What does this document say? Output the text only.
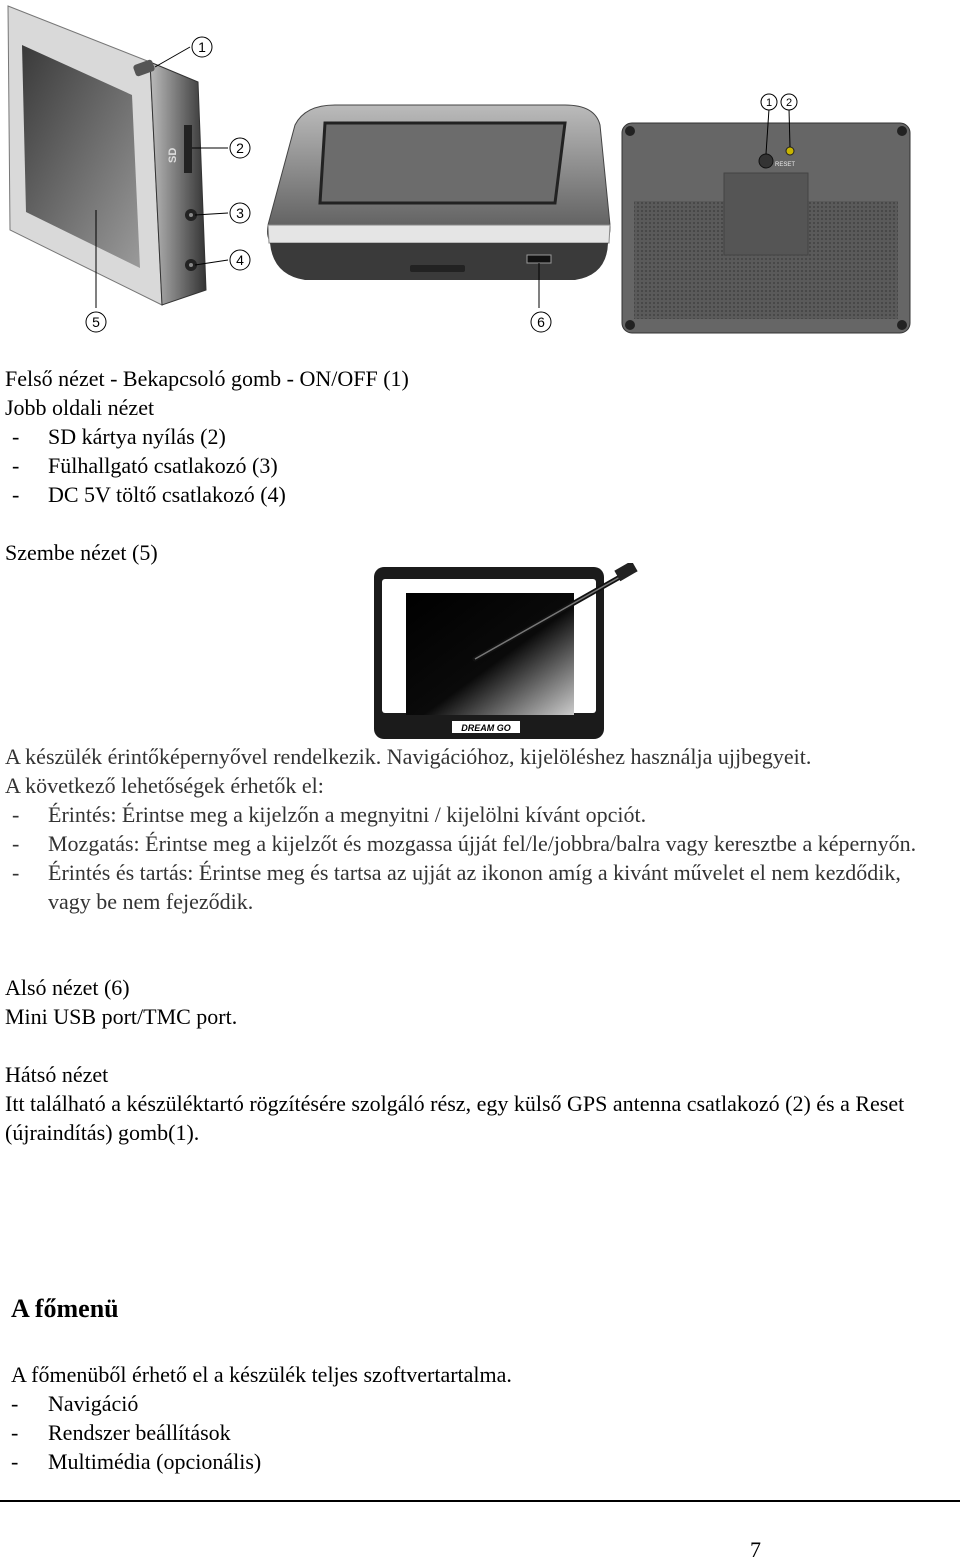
SD
1
2
3
4
5	6
RESET
1 2

Felső nézet - Bekapcsoló gomb - ON/OFF (1)

Jobb oldali nézet

- SD kártya nyílás (2)

- Fülhallgató csatlakozó (3)

- DC 5V töltő csatlakozó (4)

Szembe nézet (5)
DREAM GO

A készülék érintőképernyővel rendelkezik. Navigációhoz, kijelöléshez használja ujjbegyeit.

A következő lehetőségek érhetők el:

- Érintés: Érintse meg a kijelzőn a megnyitni / kijelölni kívánt opciót.

- Mozgatás: Érintse meg a kijelzőt és mozgassa újját fel/le/jobbra/balra vagy keresztbe a képernyőn.

- Érintés és tartás: Érintse meg és tartsa az ujját az ikonon amíg a kivánt művelet el nem kezdődik, vagy be nem fejeződik.

Alsó nézet (6)

Mini USB port/TMC port.

Hátsó nézet

Itt található a készüléktartó rögzítésére szolgáló rész, egy külső GPS antenna csatlakozó (2) és a Reset (újraindítás) gomb(1).

A főmenü

A főmenüből érhető el a készülék teljes szoftvertartalma.

- Navigáció

- Rendszer beállítások

- Multimédia (opcionális)

7
